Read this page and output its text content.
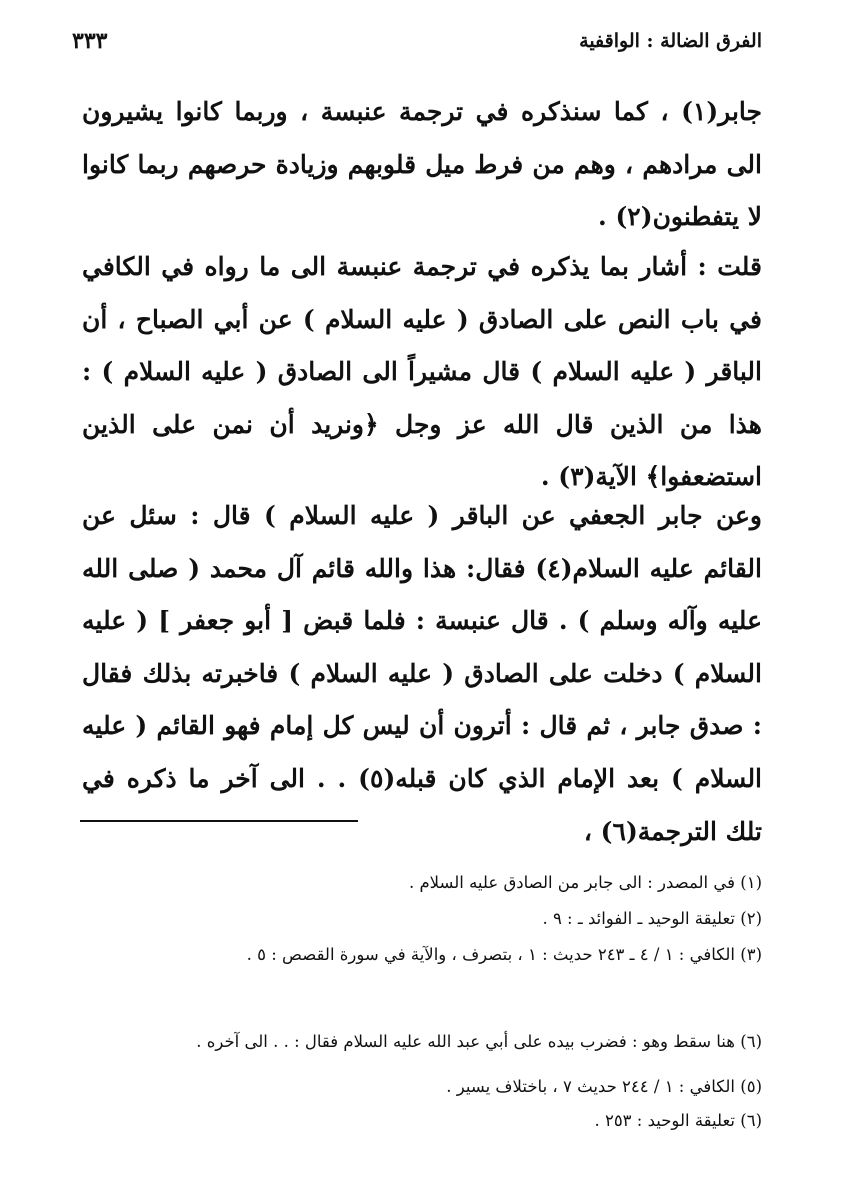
الفرق الضالة : الواقفية
٣٣٣

جابر(١) ، كما سنذكره في ترجمة عنبسة ، وربما كانوا يشيرون الى مرادهم ، وهم من فرط ميل قلوبهم وزيادة حرصهم ربما كانوا لا يتفطنون(٢) .

قلت : أشار بما يذكره في ترجمة عنبسة الى ما رواه في الكافي في باب النص على الصادق ( عليه السلام ) عن أبي الصباح ، أن الباقر ( عليه السلام ) قال مشيراً الى الصادق ( عليه السلام ) : هذا من الذين قال الله عز وجل ﴿ونريد أن نمن على الذين استضعفوا﴾ الآية(٣) .

وعن جابر الجعفي عن الباقر ( عليه السلام ) قال : سئل عن القائم عليه السلام(٤) فقال: هذا والله قائم آل محمد ( صلى الله عليه وآله وسلم ) . قال عنبسة : فلما قبض [ أبو جعفر ] ( عليه السلام ) دخلت على الصادق ( عليه السلام ) فاخبرته بذلك فقال : صدق جابر ، ثم قال : أترون أن ليس كل إمام فهو القائم ( عليه السلام ) بعد الإمام الذي كان قبله(٥) . . الى آخر ما ذكره في تلك الترجمة(٦) ،

(١) في المصدر : الى جابر من الصادق عليه السلام .

(٢) تعليقة الوحيد ـ الفوائد ـ : ٩ .

(٣) الكافي : ١ / ٤ ـ ٢٤٣ حديث : ١ ، بتصرف ، والآية في سورة القصص : ٥ .

(٦) هنا سقط وهو : فضرب بيده على أبي عبد الله عليه السلام فقال : . . الى آخره .

(٥) الكافي : ١ / ٢٤٤ حديث ٧ ، باختلاف يسير .

(٦) تعليقة الوحيد : ٢٥٣ .
